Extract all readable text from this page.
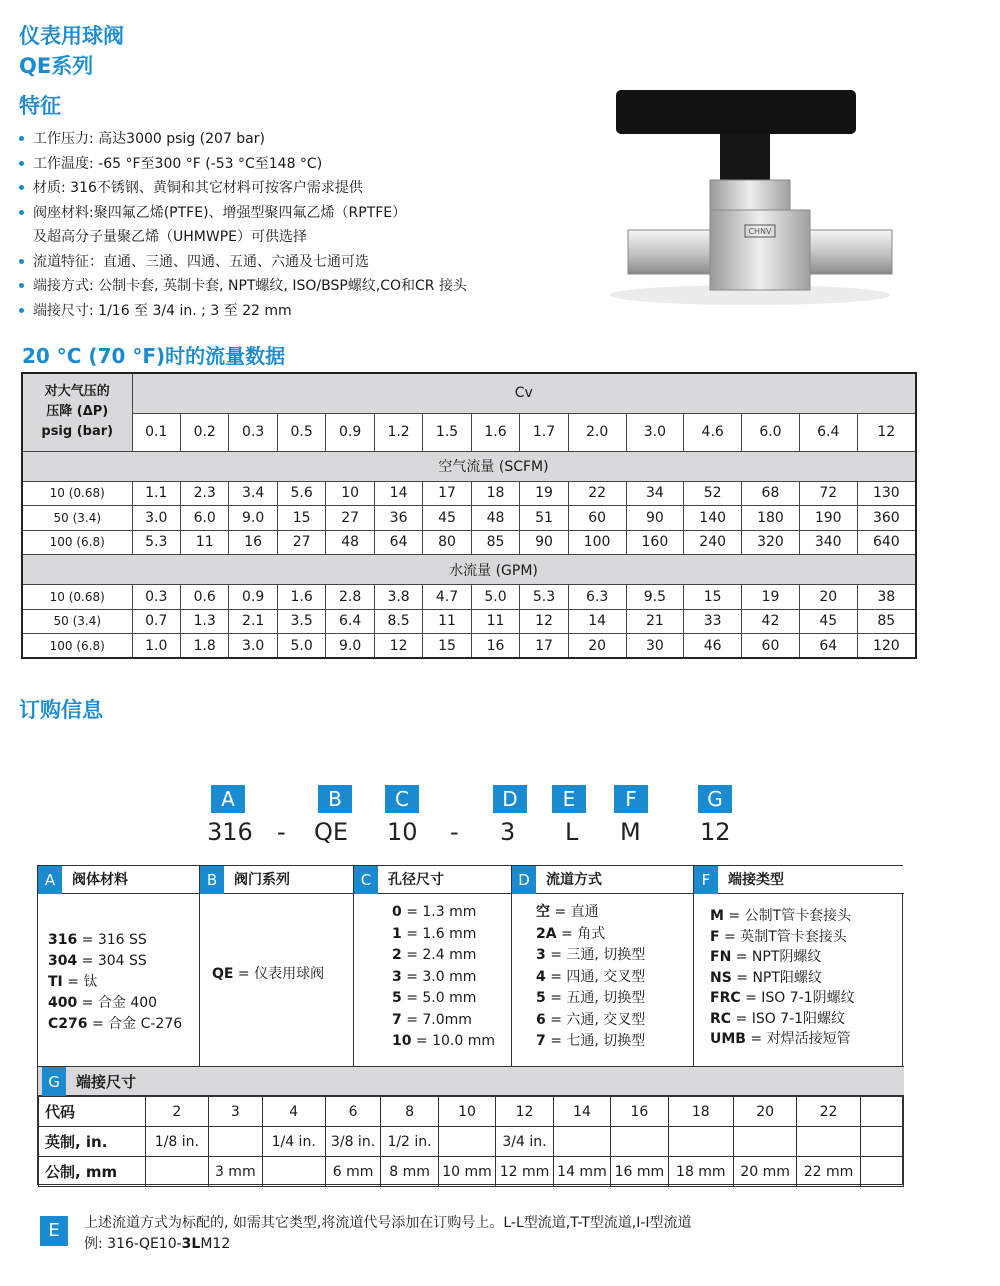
仪表用球阀
QE系列
特征
工作压力: 高达3000 psig (207 bar)
工作温度: -65 °F至300 °F (-53 °C至148 °C)
材质: 316不锈钢、黄铜和其它材料可按客户需求提供
阀座材料:聚四氟乙烯(PTFE)、增强型聚四氟乙烯（RPTFE）
及超高分子量聚乙烯（UHMWPE）可供选择
流道特征：直通、三通、四通、五通、六通及七通可选
端接方式: 公制卡套, 英制卡套, NPT螺纹, ISO/BSP螺纹,CO和CR 接头
端接尺寸: 1/16 至 3/4 in. ; 3 至 22 mm
CHNV
20 °C (70 °F)时的流量数据
对大气压的
压降 (ΔP)
psig (bar)	Cv														
	0.1	0.2	0.3	0.5	0.9	1.2	1.5	1.6	1.7	2.0	3.0	4.6	6.0	6.4	12
	空气流量 (SCFM)														
10 (0.68)	1.1	2.3	3.4	5.6	10	14	17	18	19	22	34	52	68	72	130
50 (3.4)	3.0	6.0	9.0	15	27	36	45	48	51	60	90	140	180	190	360
100 (6.8)	5.3	11	16	27	48	64	80	85	90	100	160	240	320	340	640
	水流量 (GPM)														
10 (0.68)	0.3	0.6	0.9	1.6	2.8	3.8	4.7	5.0	5.3	6.3	9.5	15	19	20	38
50 (3.4)	0.7	1.3	2.1	3.5	6.4	8.5	11	11	12	14	21	33	42	45	85
100 (6.8)	1.0	1.8	3.0	5.0	9.0	12	15	16	17	20	30	46	60	64	120
订购信息
A	B	C	D	E	F	G
316 - QE 10 - 3 L M 12
A 阀体材料
316 = 316 SS
304 = 304 SS
TI = 钛
400 = 合金 400
C276 = 合金 C-276
B 阀门系列
QE = 仪表用球阀
C 孔径尺寸
0 = 1.3 mm
1 = 1.6 mm
2 = 2.4 mm
3 = 3.0 mm
5 = 5.0 mm
7 = 7.0mm
10 = 10.0 mm
D 流道方式
空 = 直通
2A = 角式
3 = 三通, 切换型
4 = 四通, 交叉型
5 = 五通, 切换型
6 = 六通, 交叉型
7 = 七通, 切换型
F 端接类型
M = 公制T管卡套接头
F = 英制T管卡套接头
FN = NPT阴螺纹
NS = NPT阳螺纹
FRC = ISO 7-1阴螺纹
RC = ISO 7-1阳螺纹
UMB = 对焊活接短管
G 端接尺寸
代码	2	3	4	6	8	10	12	14	16	18	20	22	
英制, in.	1/8 in.		1/4 in.	3/8 in.	1/2 in.		3/4 in.						
公制, mm		3 mm		6 mm	8 mm	10 mm	12 mm	14 mm	16 mm	18 mm	20 mm	22 mm	
E	上述流道方式为标配的, 如需其它类型,将流道代号添加在订购号上。L-L型流道,T-T型流道,I-I型流道
例: 316-QE10-3LM12
